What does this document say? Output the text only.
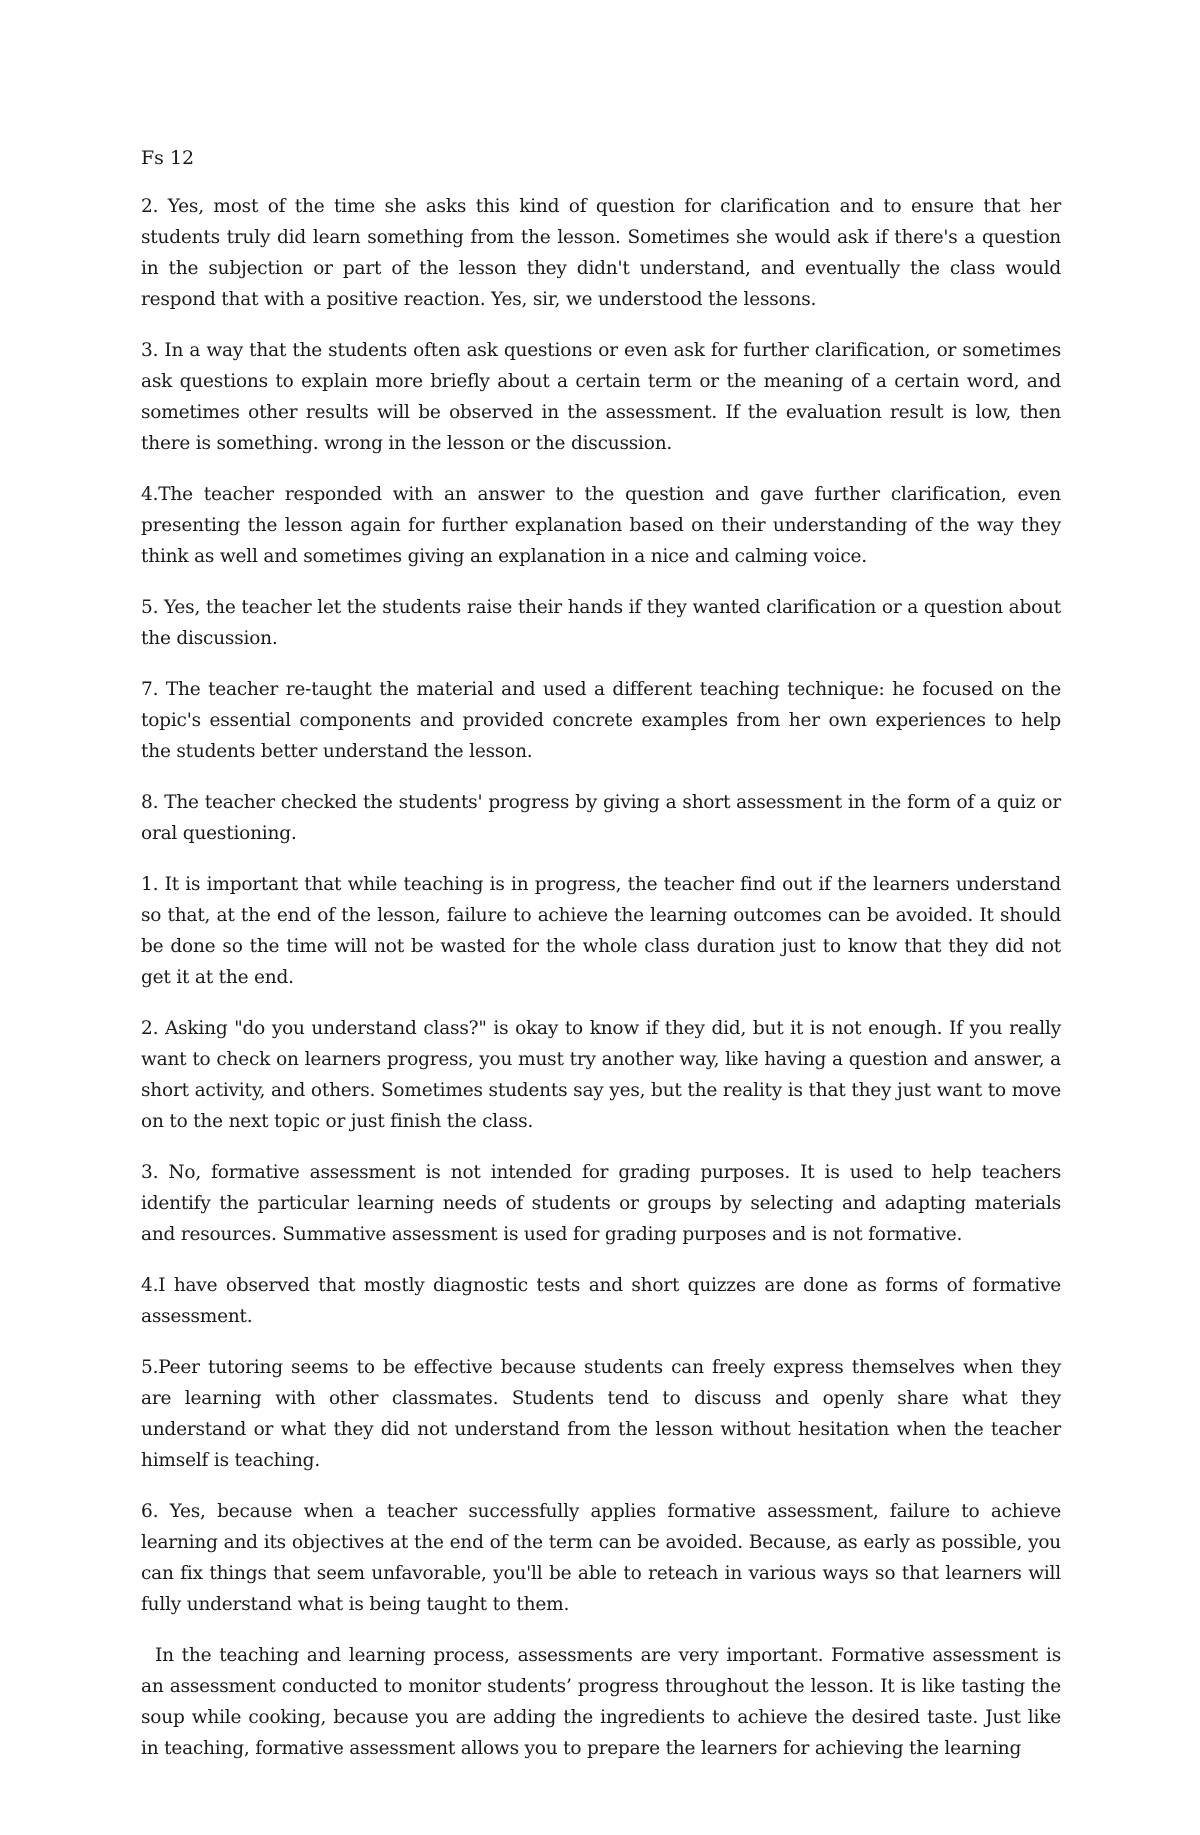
Fs 12

2. Yes, most of the time she asks this kind of question for clarification and to ensure that her students truly did learn something from the lesson. Sometimes she would ask if there's a question in the subjection or part of the lesson they didn't understand, and eventually the class would respond that with a positive reaction. Yes, sir, we understood the lessons.

3. In a way that the students often ask questions or even ask for further clarification, or sometimes ask questions to explain more briefly about a certain term or the meaning of a certain word, and sometimes other results will be observed in the assessment. If the evaluation result is low, then there is something. wrong in the lesson or the discussion.

4.The teacher responded with an answer to the question and gave further clarification, even presenting the lesson again for further explanation based on their understanding of the way they think as well and sometimes giving an explanation in a nice and calming voice.

5. Yes, the teacher let the students raise their hands if they wanted clarification or a question about the discussion.

7. The teacher re-taught the material and used a different teaching technique: he focused on the topic's essential components and provided concrete examples from her own experiences to help the students better understand the lesson.

8. The teacher checked the students' progress by giving a short assessment in the form of a quiz or oral questioning.

1. It is important that while teaching is in progress, the teacher find out if the learners understand so that, at the end of the lesson, failure to achieve the learning outcomes can be avoided. It should be done so the time will not be wasted for the whole class duration just to know that they did not get it at the end.

2. Asking "do you understand class?" is okay to know if they did, but it is not enough. If you really want to check on learners progress, you must try another way, like having a question and answer, a short activity, and others. Sometimes students say yes, but the reality is that they just want to move on to the next topic or just finish the class.

3. No, formative assessment is not intended for grading purposes. It is used to help teachers identify the particular learning needs of students or groups by selecting and adapting materials and resources. Summative assessment is used for grading purposes and is not formative.

4.I have observed that mostly diagnostic tests and short quizzes are done as forms of formative assessment.

5.Peer tutoring seems to be effective because students can freely express themselves when they are learning with other classmates. Students tend to discuss and openly share what they understand or what they did not understand from the lesson without hesitation when the teacher himself is teaching.

6. Yes, because when a teacher successfully applies formative assessment, failure to achieve learning and its objectives at the end of the term can be avoided. Because, as early as possible, you can fix things that seem unfavorable, you'll be able to reteach in various ways so that learners will fully understand what is being taught to them.

In the teaching and learning process, assessments are very important. Formative assessment is an assessment conducted to monitor students’ progress throughout the lesson. It is like tasting the soup while cooking, because you are adding the ingredients to achieve the desired taste. Just like in teaching, formative assessment allows you to prepare the learners for achieving the learning
